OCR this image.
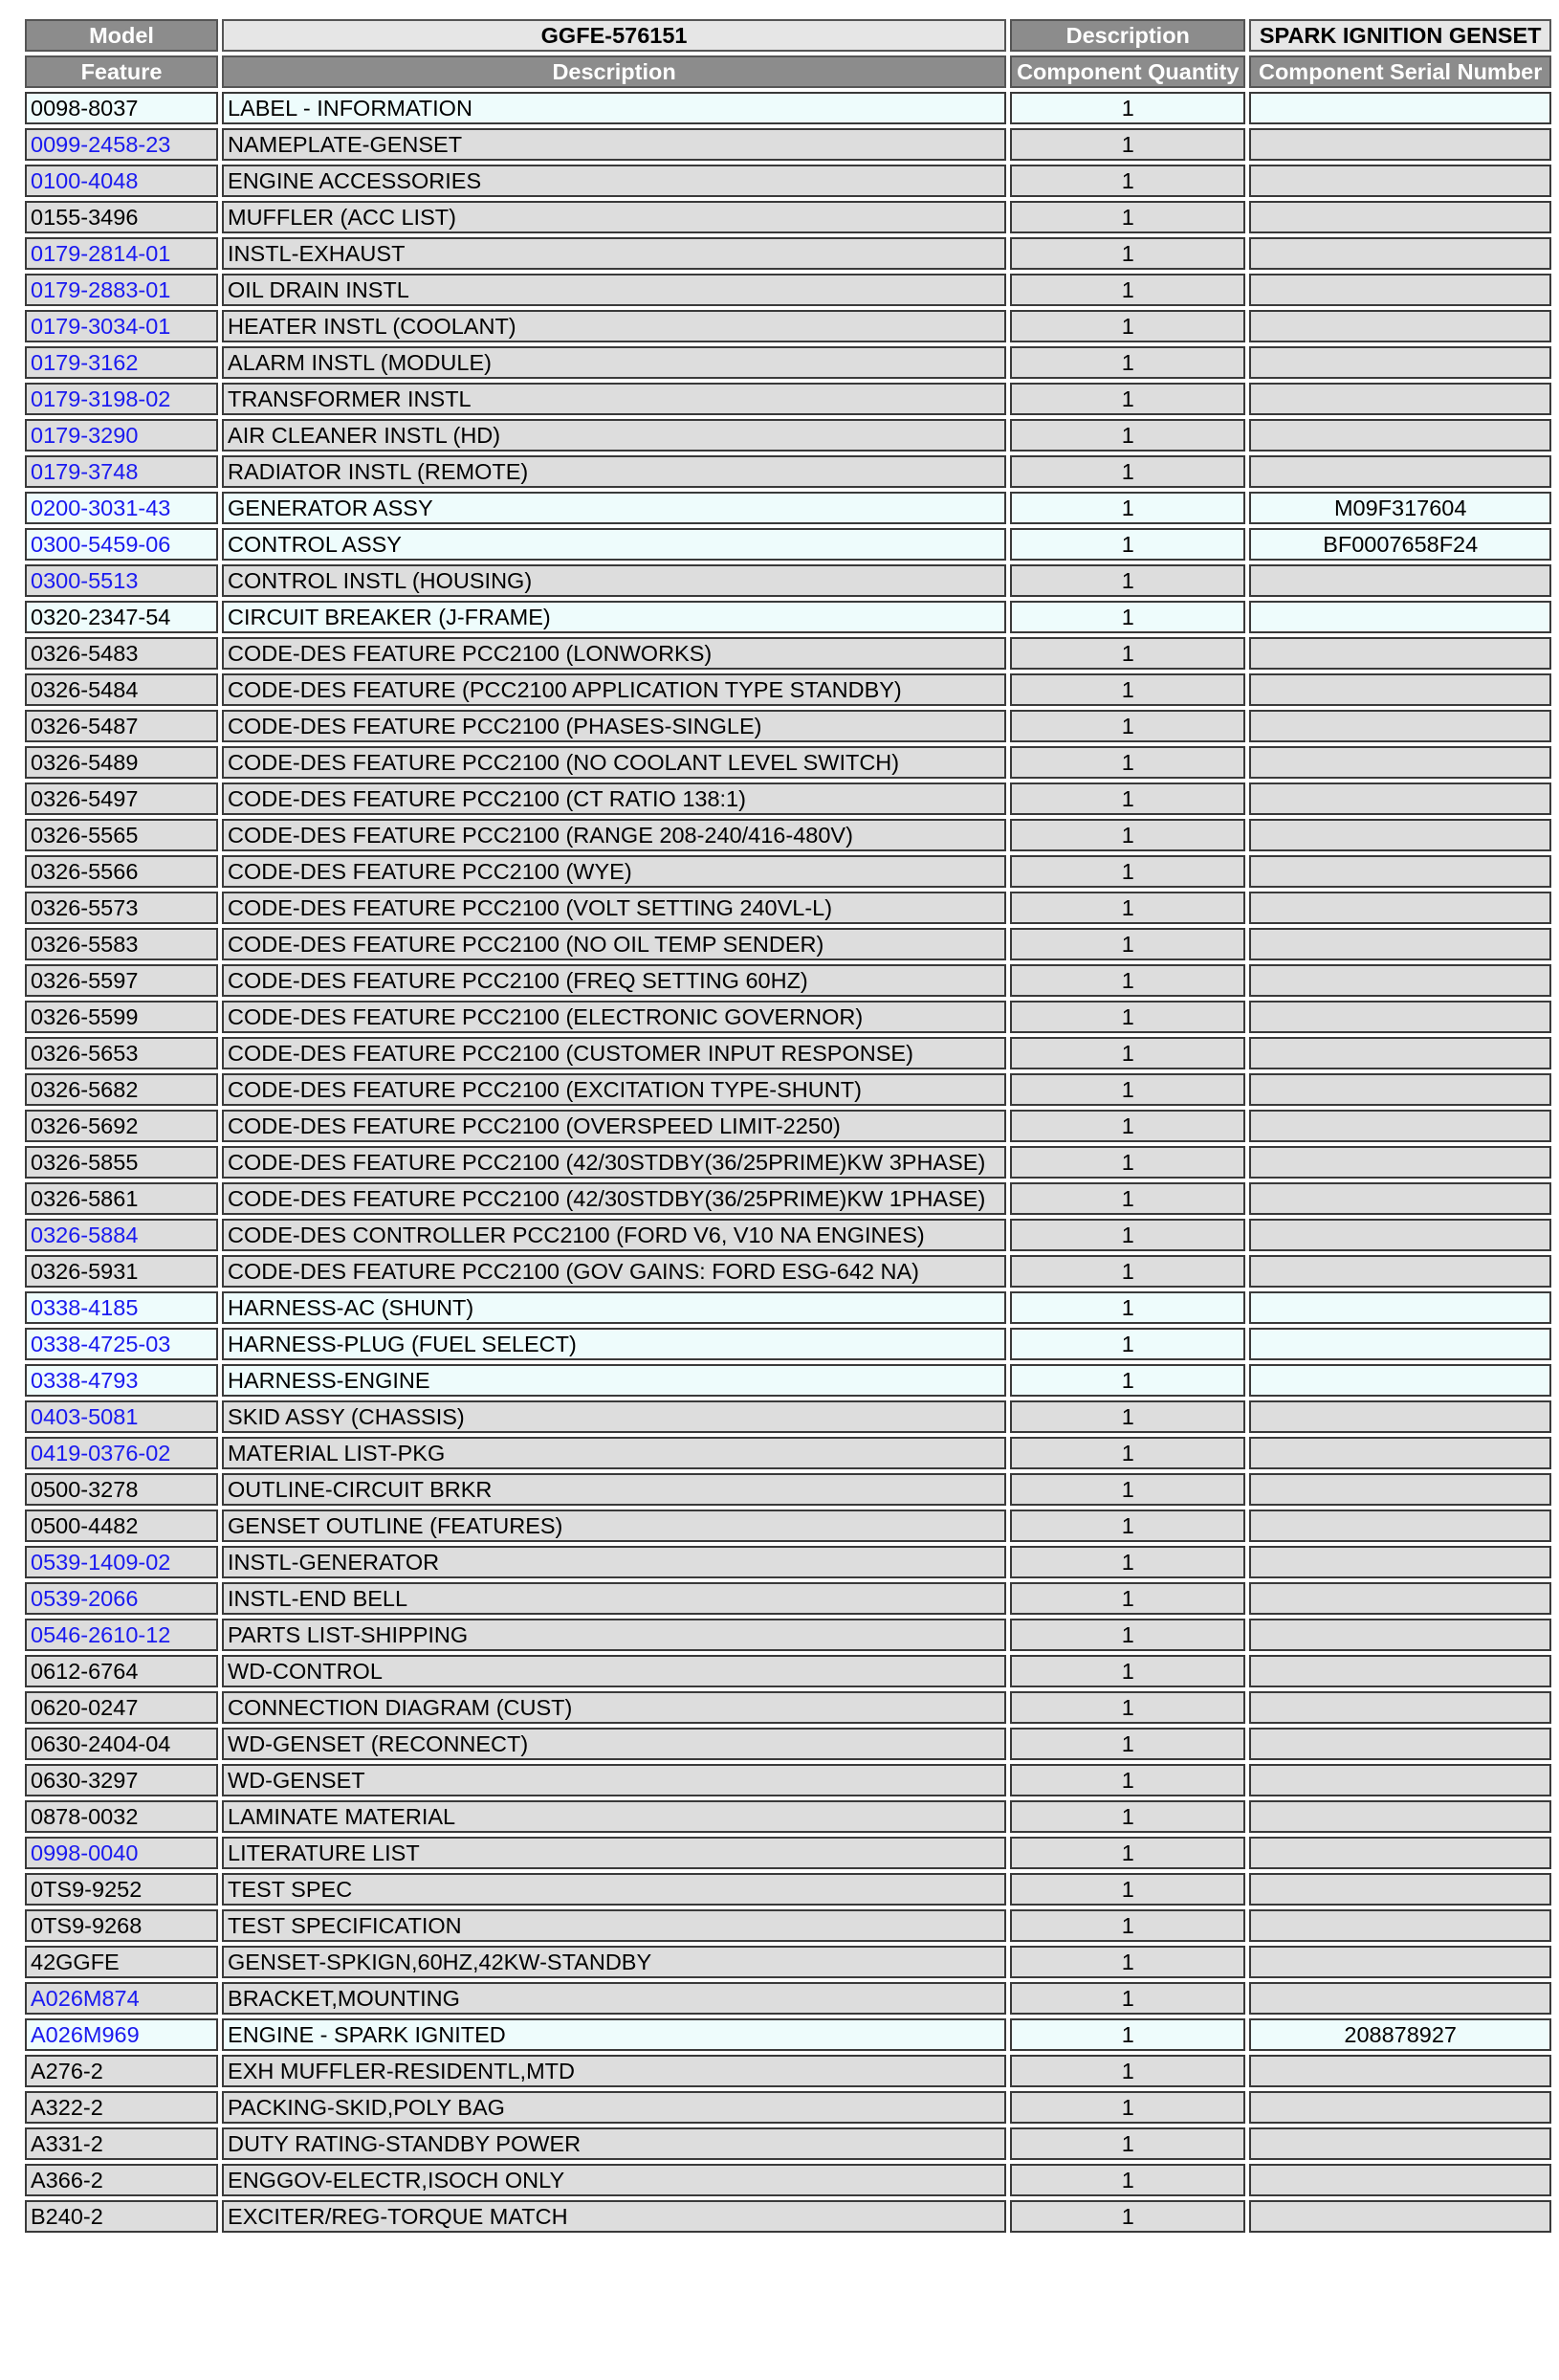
Model	GGFE-576151	Description	SPARK IGNITION GENSET
Feature	Description	Component Quantity	Component Serial Number
0098-8037	LABEL - INFORMATION	1	
0099-2458-23	NAMEPLATE-GENSET	1	
0100-4048	ENGINE ACCESSORIES	1	
0155-3496	MUFFLER (ACC LIST)	1	
0179-2814-01	INSTL-EXHAUST	1	
0179-2883-01	OIL DRAIN INSTL	1	
0179-3034-01	HEATER INSTL (COOLANT)	1	
0179-3162	ALARM INSTL (MODULE)	1	
0179-3198-02	TRANSFORMER INSTL	1	
0179-3290	AIR CLEANER INSTL (HD)	1	
0179-3748	RADIATOR INSTL (REMOTE)	1	
0200-3031-43	GENERATOR ASSY	1	M09F317604
0300-5459-06	CONTROL ASSY	1	BF0007658F24
0300-5513	CONTROL INSTL (HOUSING)	1	
0320-2347-54	CIRCUIT BREAKER (J-FRAME)	1	
0326-5483	CODE-DES FEATURE PCC2100 (LONWORKS)	1	
0326-5484	CODE-DES FEATURE (PCC2100 APPLICATION TYPE STANDBY)	1	
0326-5487	CODE-DES FEATURE PCC2100 (PHASES-SINGLE)	1	
0326-5489	CODE-DES FEATURE PCC2100 (NO COOLANT LEVEL SWITCH)	1	
0326-5497	CODE-DES FEATURE PCC2100 (CT RATIO 138:1)	1	
0326-5565	CODE-DES FEATURE PCC2100 (RANGE 208-240/416-480V)	1	
0326-5566	CODE-DES FEATURE PCC2100 (WYE)	1	
0326-5573	CODE-DES FEATURE PCC2100 (VOLT SETTING 240VL-L)	1	
0326-5583	CODE-DES FEATURE PCC2100 (NO OIL TEMP SENDER)	1	
0326-5597	CODE-DES FEATURE PCC2100 (FREQ SETTING 60HZ)	1	
0326-5599	CODE-DES FEATURE PCC2100 (ELECTRONIC GOVERNOR)	1	
0326-5653	CODE-DES FEATURE PCC2100 (CUSTOMER INPUT RESPONSE)	1	
0326-5682	CODE-DES FEATURE PCC2100 (EXCITATION TYPE-SHUNT)	1	
0326-5692	CODE-DES FEATURE PCC2100 (OVERSPEED LIMIT-2250)	1	
0326-5855	CODE-DES FEATURE PCC2100 (42/30STDBY(36/25PRIME)KW 3PHASE)	1	
0326-5861	CODE-DES FEATURE PCC2100 (42/30STDBY(36/25PRIME)KW 1PHASE)	1	
0326-5884	CODE-DES CONTROLLER PCC2100 (FORD V6, V10 NA ENGINES)	1	
0326-5931	CODE-DES FEATURE PCC2100 (GOV GAINS: FORD ESG-642 NA)	1	
0338-4185	HARNESS-AC (SHUNT)	1	
0338-4725-03	HARNESS-PLUG (FUEL SELECT)	1	
0338-4793	HARNESS-ENGINE	1	
0403-5081	SKID ASSY (CHASSIS)	1	
0419-0376-02	MATERIAL LIST-PKG	1	
0500-3278	OUTLINE-CIRCUIT BRKR	1	
0500-4482	GENSET OUTLINE (FEATURES)	1	
0539-1409-02	INSTL-GENERATOR	1	
0539-2066	INSTL-END BELL	1	
0546-2610-12	PARTS LIST-SHIPPING	1	
0612-6764	WD-CONTROL	1	
0620-0247	CONNECTION DIAGRAM (CUST)	1	
0630-2404-04	WD-GENSET (RECONNECT)	1	
0630-3297	WD-GENSET	1	
0878-0032	LAMINATE MATERIAL	1	
0998-0040	LITERATURE LIST	1	
0TS9-9252	TEST SPEC	1	
0TS9-9268	TEST SPECIFICATION	1	
42GGFE	GENSET-SPKIGN,60HZ,42KW-STANDBY	1	
A026M874	BRACKET,MOUNTING	1	
A026M969	ENGINE - SPARK IGNITED	1	208878927
A276-2	EXH MUFFLER-RESIDENTL,MTD	1	
A322-2	PACKING-SKID,POLY BAG	1	
A331-2	DUTY RATING-STANDBY POWER	1	
A366-2	ENGGOV-ELECTR,ISOCH ONLY	1	
B240-2	EXCITER/REG-TORQUE MATCH	1	
